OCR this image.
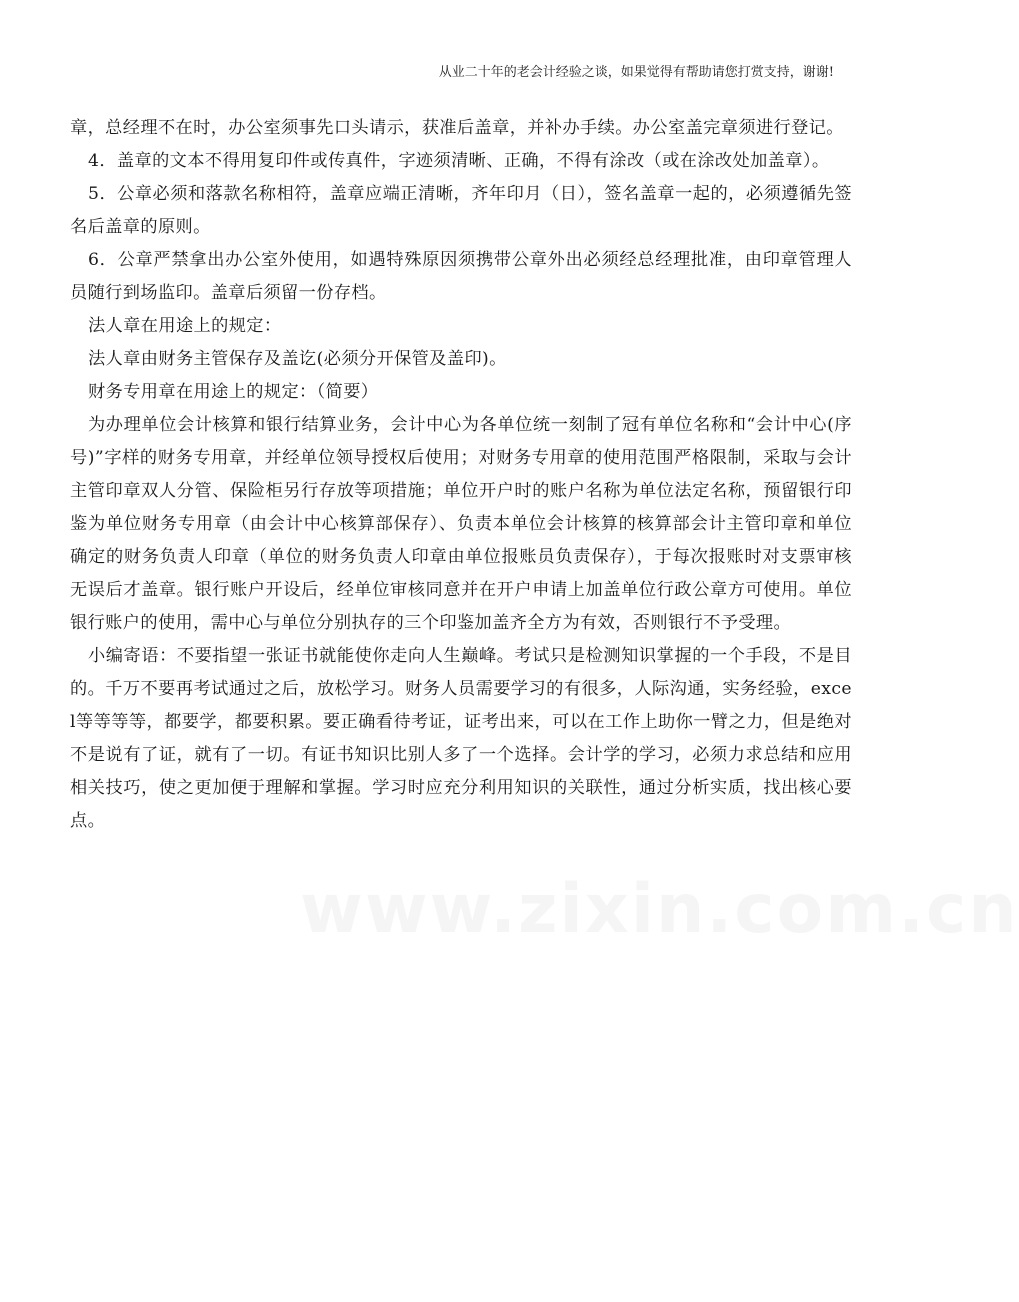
从业二十年的老会计经验之谈，如果觉得有帮助请您打赏支持，谢谢!

章，总经理不在时，办公室须事先口头请示，获准后盖章，并补办手续。办公室盖完章须进行登记。

4．盖章的文本不得用复印件或传真件，字迹须清晰、正确，不得有涂改（或在涂改处加盖章）。

5．公章必须和落款名称相符，盖章应端正清晰，齐年印月（日），签名盖章一起的，必须遵循先签名后盖章的原则。

6．公章严禁拿出办公室外使用，如遇特殊原因须携带公章外出必须经总经理批准，由印章管理人员随行到场监印。盖章后须留一份存档。

法人章在用途上的规定：

法人章由财务主管保存及盖讫(必须分开保管及盖印)。

财务专用章在用途上的规定：（简要）

为办理单位会计核算和银行结算业务，会计中心为各单位统一刻制了冠有单位名称和“会计中心(序号)”字样的财务专用章，并经单位领导授权后使用；对财务专用章的使用范围严格限制，采取与会计主管印章双人分管、保险柜另行存放等项措施；单位开户时的账户名称为单位法定名称，预留银行印鉴为单位财务专用章（由会计中心核算部保存）、负责本单位会计核算的核算部会计主管印章和单位确定的财务负责人印章（单位的财务负责人印章由单位报账员负责保存），于每次报账时对支票审核无误后才盖章。银行账户开设后，经单位审核同意并在开户申请上加盖单位行政公章方可使用。单位银行账户的使用，需中心与单位分别执存的三个印鉴加盖齐全方为有效，否则银行不予受理。

小编寄语：不要指望一张证书就能使你走向人生巅峰。考试只是检测知识掌握的一个手段，不是目的。千万不要再考试通过之后，放松学习。财务人员需要学习的有很多，人际沟通，实务经验，excel等等等等，都要学，都要积累。要正确看待考证，证考出来，可以在工作上助你一臂之力，但是绝对不是说有了证，就有了一切。有证书知识比别人多了一个选择。会计学的学习，必须力求总结和应用相关技巧，使之更加便于理解和掌握。学习时应充分利用知识的关联性，通过分析实质，找出核心要点。

www.zixin.com.cn
